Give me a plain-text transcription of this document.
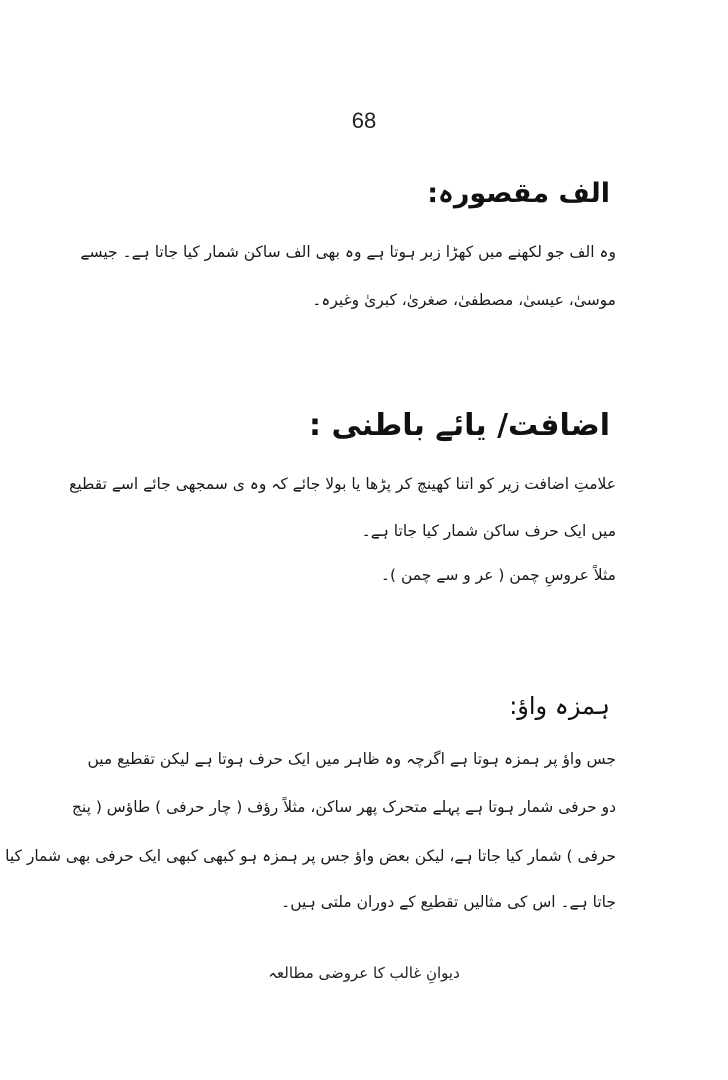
68
الف مقصورہ:
وہ الف جو لکھنے میں کھڑا زبر ہوتا ہے وہ بھی الف ساکن شمار کیا جاتا ہے۔ جیسے
موسیٰ، عیسیٰ، مصطفیٰ، صغریٰ، کبریٰ وغیرہ۔
اضافت/ یائے باطنی :
علامتِ اضافت زیر کو اتنا کھینچ کر پڑھا یا بولا جائے کہ وہ ی سمجھی جائے اسے تقطیع
میں ایک حرف ساکن شمار کیا جاتا ہے۔
مثلاً عروسِ چمن ( عر و سے چمن )۔
ہمزہ واؤ:
جس واؤ پر ہمزہ ہوتا ہے اگرچہ وہ ظاہر میں ایک حرف ہوتا ہے لیکن تقطیع میں
دو حرفی شمار ہوتا ہے پہلے متحرک پھر ساکن، مثلاً رؤف ( چار حرفی ) طاؤس ( پنج
حرفی ) شمار کیا جاتا ہے، لیکن بعض واؤ جس پر ہمزہ ہو کبھی کبھی ایک حرفی بھی شمار کیا
جاتا ہے۔ اس کی مثالیں تقطیع کے دوران ملتی ہیں۔
دیوانِ غالب کا عروضی مطالعہ
